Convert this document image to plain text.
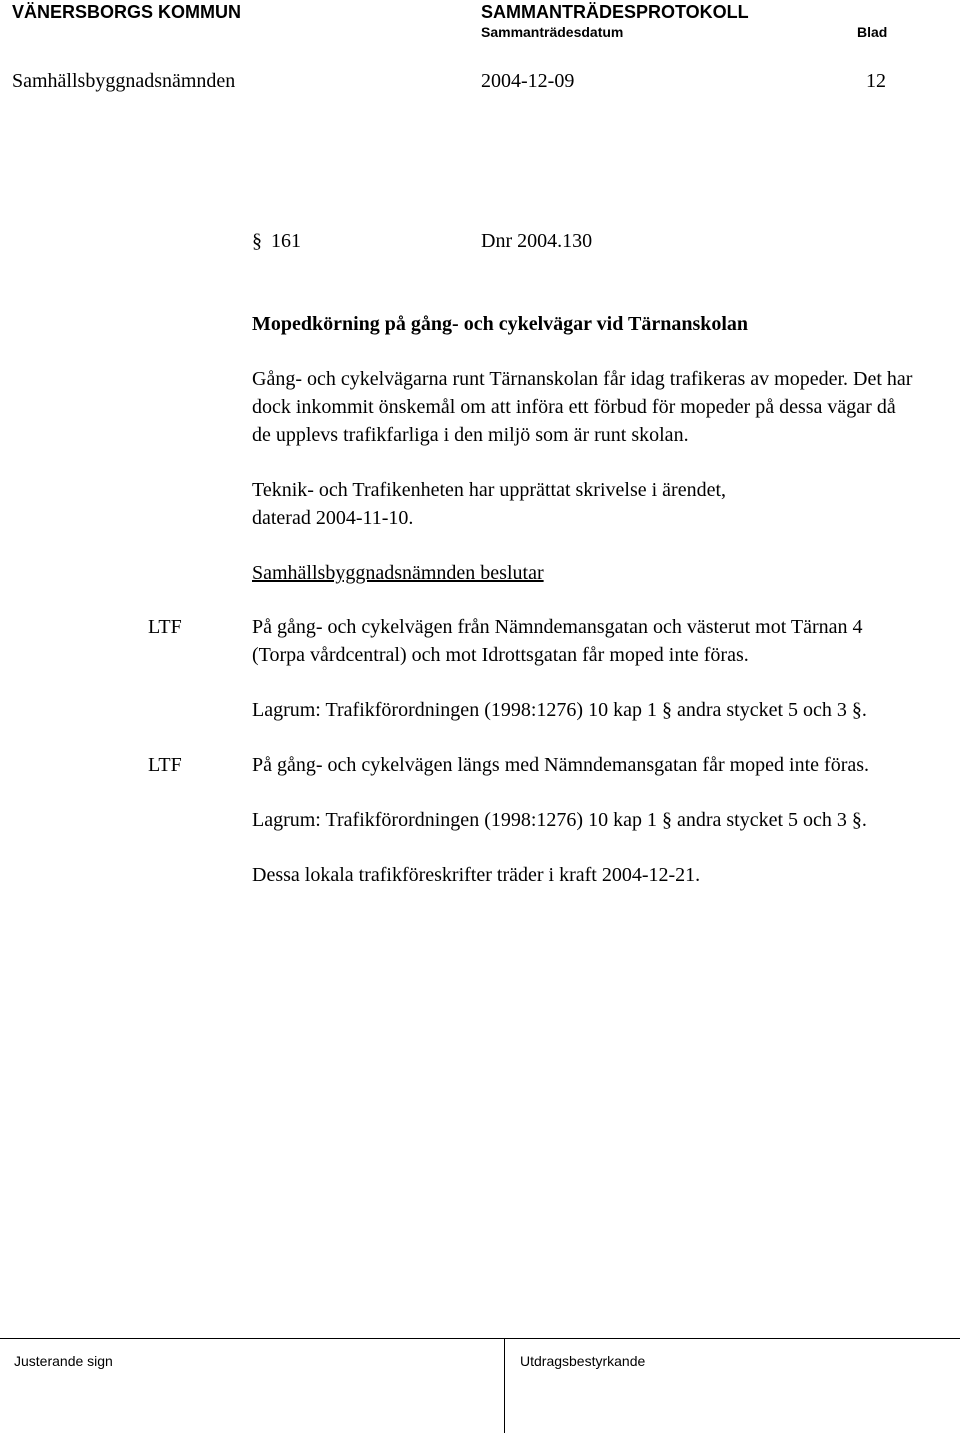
VÄNERSBORGS KOMMUN	SAMMANTRÄDESPROTOKOLL
Sammanträdesdatum	Blad
Samhällsbyggnadsnämnden	2004-12-09	12
§ 161	Dnr 2004.130
Mopedkörning på gång- och cykelvägar vid Tärnanskolan
Gång- och cykelvägarna runt Tärnanskolan får idag trafikeras av mopeder. Det har
dock inkommit önskemål om att införa ett förbud för mopeder på dessa vägar då
de upplevs trafikfarliga i den miljö som är runt skolan.
Teknik- och Trafikenheten har upprättat skrivelse i ärendet,
daterad 2004-11-10.
Samhällsbyggnadsnämnden beslutar
LTF	På gång- och cykelvägen från Nämndemansgatan och västerut mot Tärnan 4
(Torpa vårdcentral) och mot Idrottsgatan får moped inte föras.
Lagrum: Trafikförordningen (1998:1276) 10 kap 1 § andra stycket 5 och 3 §.
LTF	På gång- och cykelvägen längs med Nämndemansgatan får moped inte föras.
Lagrum: Trafikförordningen (1998:1276) 10 kap 1 § andra stycket 5 och 3 §.
Dessa lokala trafikföreskrifter träder i kraft 2004-12-21.
Justerande sign	Utdragsbestyrkande
